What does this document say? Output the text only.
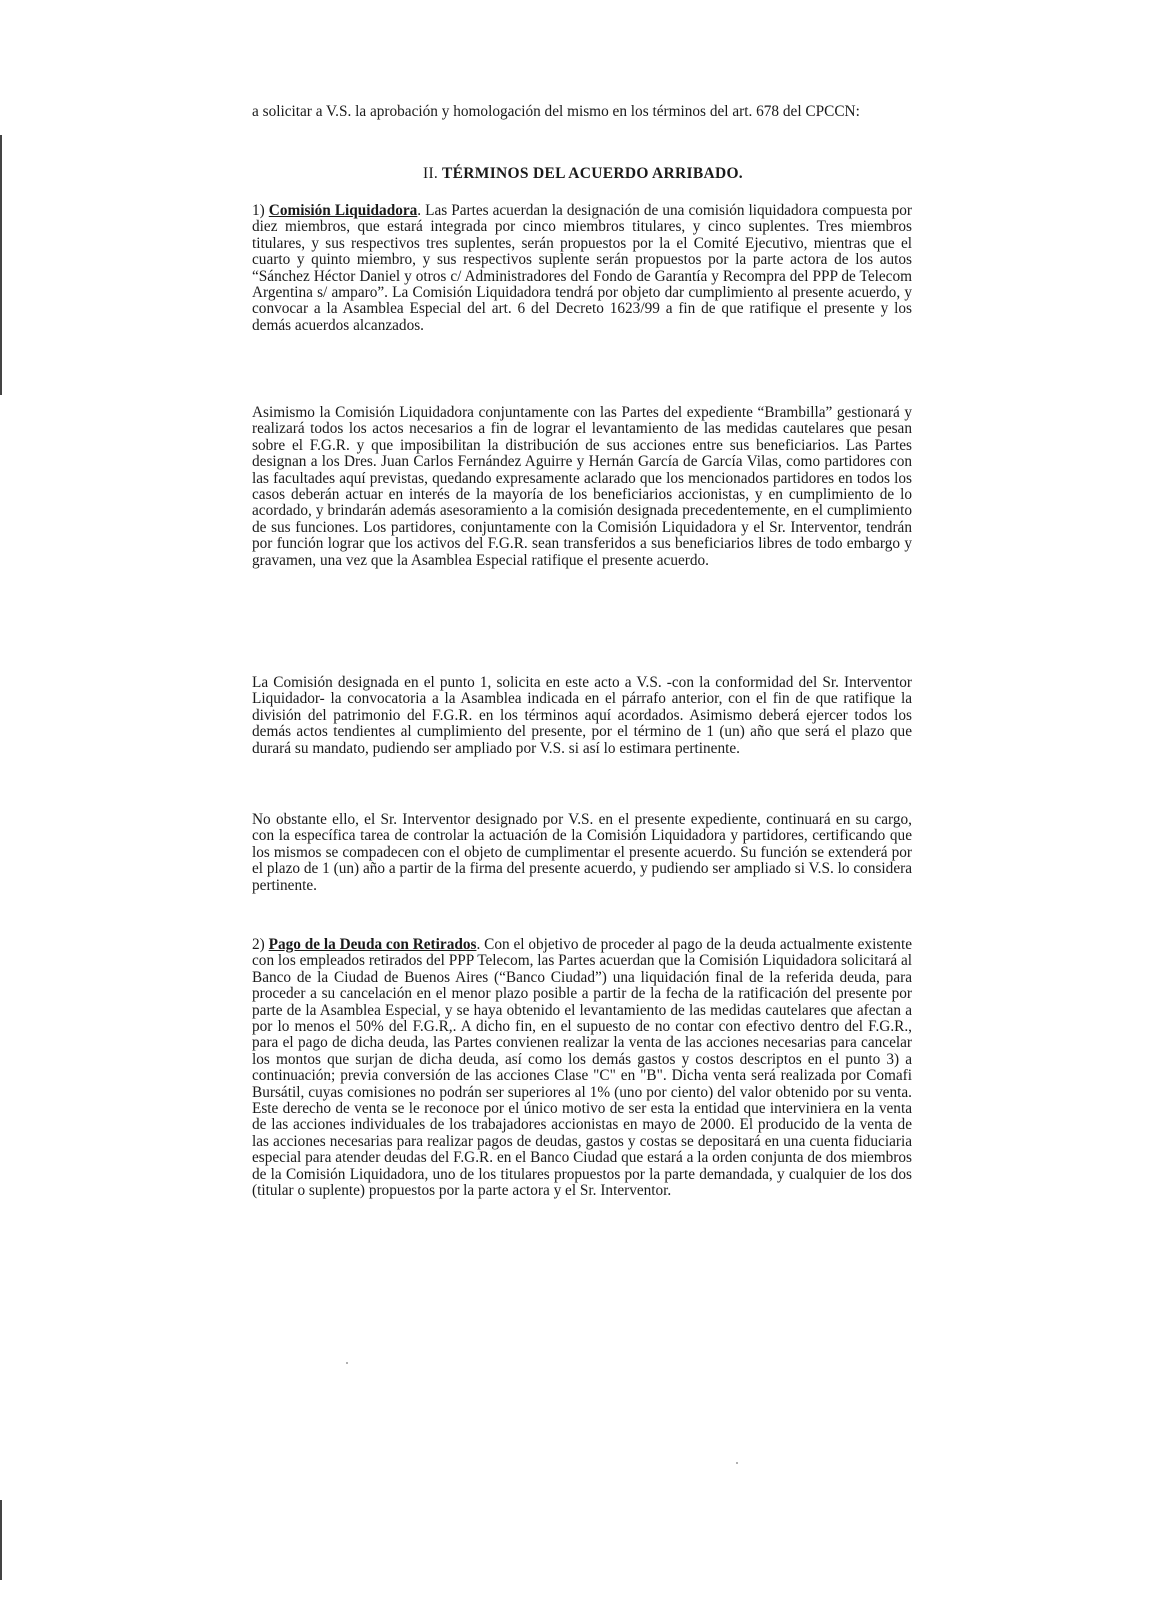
a solicitar a V.S. la aprobación y homologación del mismo en los términos del art. 678 del CPCCN:

II. TÉRMINOS DEL ACUERDO ARRIBADO.

1) Comisión Liquidadora. Las Partes acuerdan la designación de una comisión liquidadora compuesta por diez miembros, que estará integrada por cinco miembros titulares, y cinco suplentes. Tres miembros titulares, y sus respectivos tres suplentes, serán propuestos por la el Comité Ejecutivo, mientras que el cuarto y quinto miembro, y sus respectivos suplente serán propuestos por la parte actora de los autos “Sánchez Héctor Daniel y otros c/ Administradores del Fondo de Garantía y Recompra del PPP de Telecom Argentina s/ amparo”. La Comisión Liquidadora tendrá por objeto dar cumplimiento al presente acuerdo, y convocar a la Asamblea Especial del art. 6 del Decreto 1623/99 a fin de que ratifique el presente y los demás acuerdos alcanzados.

Asimismo la Comisión Liquidadora conjuntamente con las Partes del expediente “Brambilla” gestionará y realizará todos los actos necesarios a fin de lograr el levantamiento de las medidas cautelares que pesan sobre el F.G.R. y que imposibilitan la distribución de sus acciones entre sus beneficiarios. Las Partes designan a los Dres. Juan Carlos Fernández Aguirre y Hernán García de García Vilas, como partidores con las facultades aquí previstas, quedando expresamente aclarado que los mencionados partidores en todos los casos deberán actuar en interés de la mayoría de los beneficiarios accionistas, y en cumplimiento de lo acordado, y brindarán además asesoramiento a la comisión designada precedentemente, en el cumplimiento de sus funciones. Los partidores, conjuntamente con la Comisión Liquidadora y el Sr. Interventor, tendrán por función lograr que los activos del F.G.R. sean transferidos a sus beneficiarios libres de todo embargo y gravamen, una vez que la Asamblea Especial ratifique el presente acuerdo.

La Comisión designada en el punto 1, solicita en este acto a V.S. -con la conformidad del Sr. Interventor Liquidador- la convocatoria a la Asamblea indicada en el párrafo anterior, con el fin de que ratifique la división del patrimonio del F.G.R. en los términos aquí acordados. Asimismo deberá ejercer todos los demás actos tendientes al cumplimiento del presente, por el término de 1 (un) año que será el plazo que durará su mandato, pudiendo ser ampliado por V.S. si así lo estimara pertinente.

No obstante ello, el Sr. Interventor designado por V.S. en el presente expediente, continuará en su cargo, con la específica tarea de controlar la actuación de la Comisión Liquidadora y partidores, certificando que los mismos se compadecen con el objeto de cumplimentar el presente acuerdo. Su función se extenderá por el plazo de 1 (un) año a partir de la firma del presente acuerdo, y pudiendo ser ampliado si V.S. lo considera pertinente.

2) Pago de la Deuda con Retirados. Con el objetivo de proceder al pago de la deuda actualmente existente con los empleados retirados del PPP Telecom, las Partes acuerdan que la Comisión Liquidadora solicitará al Banco de la Ciudad de Buenos Aires (“Banco Ciudad”) una liquidación final de la referida deuda, para proceder a su cancelación en el menor plazo posible a partir de la fecha de la ratificación del presente por parte de la Asamblea Especial, y se haya obtenido el levantamiento de las medidas cautelares que afectan a por lo menos el 50% del F.G.R,. A dicho fin, en el supuesto de no contar con efectivo dentro del F.G.R., para el pago de dicha deuda, las Partes convienen realizar la venta de las acciones necesarias para cancelar los montos que surjan de dicha deuda, así como los demás gastos y costos descriptos en el punto 3) a continuación; previa conversión de las acciones Clase "C" en "B". Dicha venta será realizada por Comafi Bursátil, cuyas comisiones no podrán ser superiores al 1% (uno por ciento) del valor obtenido por su venta. Este derecho de venta se le reconoce por el único motivo de ser esta la entidad que interviniera en la venta de las acciones individuales de los trabajadores accionistas en mayo de 2000. El producido de la venta de las acciones necesarias para realizar pagos de deudas, gastos y costas se depositará en una cuenta fiduciaria especial para atender deudas del F.G.R. en el Banco Ciudad que estará a la orden conjunta de dos miembros de la Comisión Liquidadora, uno de los titulares propuestos por la parte demandada, y cualquier de los dos (titular o suplente) propuestos por la parte actora y el Sr. Interventor.
